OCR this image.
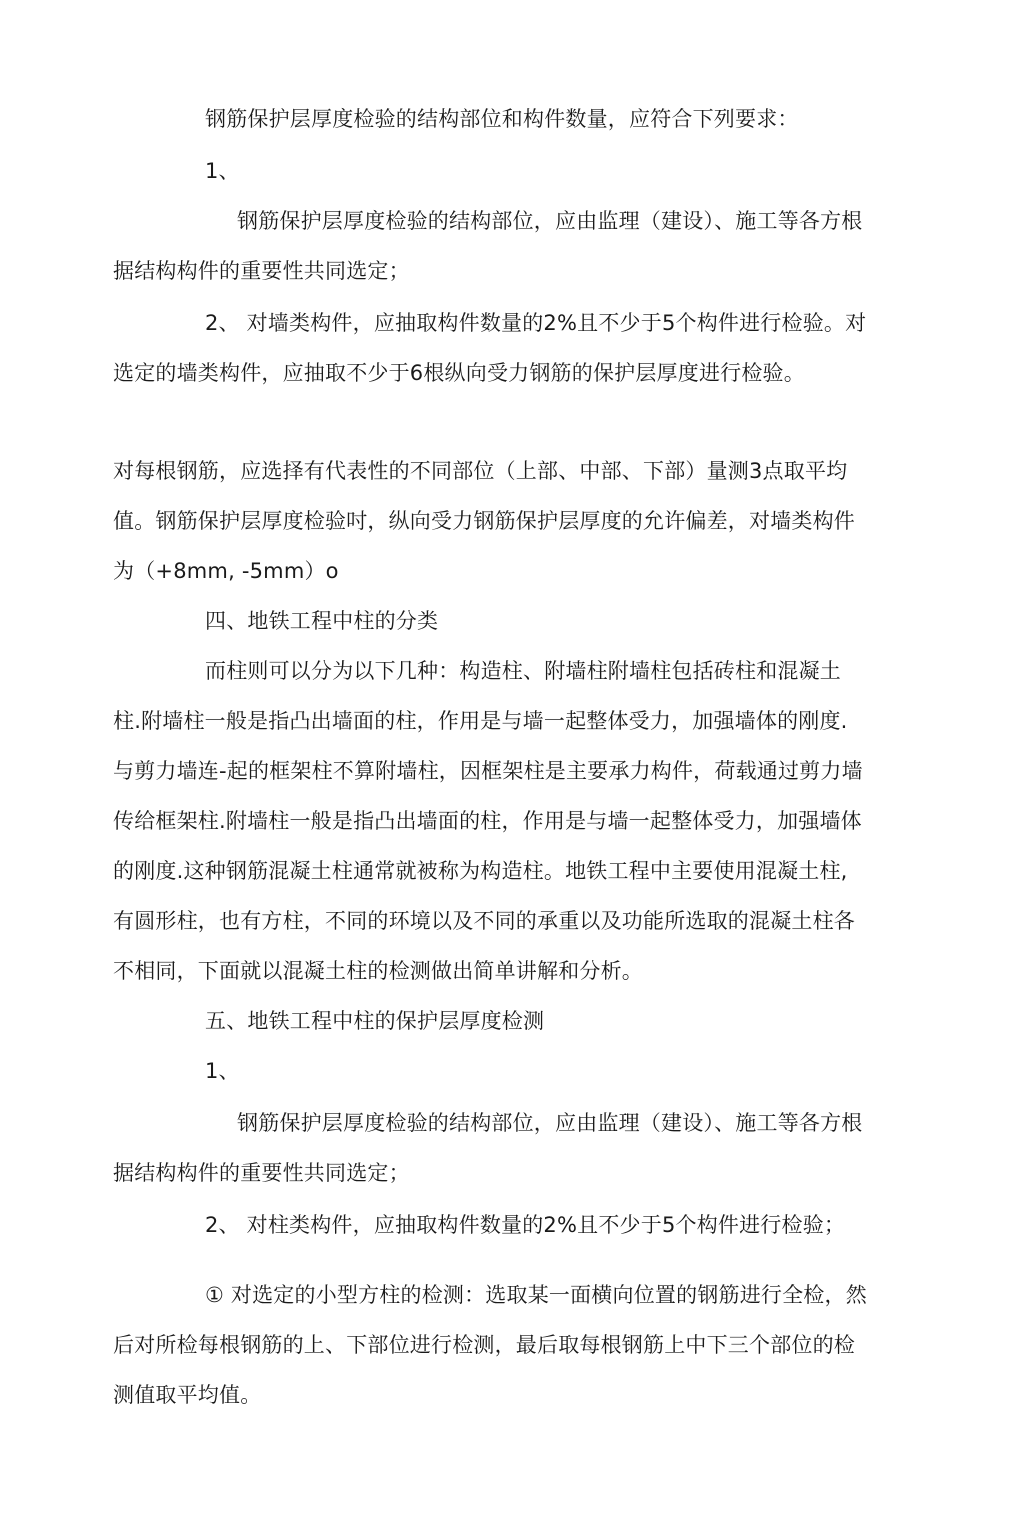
钢筋保护层厚度检验的结构部位和构件数量，应符合下列要求：
1、
钢筋保护层厚度检验的结构部位，应由监理（建设）、施工等各方根
据结构构件的重要性共同选定；
2、 对墙类构件，应抽取构件数量的2%且不少于5个构件进行检验。对
选定的墙类构件，应抽取不少于6根纵向受力钢筋的保护层厚度进行检验。
对每根钢筋，应选择有代表性的不同部位（上部、中部、下部）量测3点取平均
值。钢筋保护层厚度检验吋，纵向受力钢筋保护层厚度的允许偏差，对墙类构件
为（+8mm, -5mm）o
四、地铁工程中柱的分类
而柱则可以分为以下几种：构造柱、附墙柱附墙柱包括砖柱和混凝土
柱.附墙柱一般是指凸出墙面的柱，作用是与墙一起整体受力，加强墙体的刚度.
与剪力墙连-起的框架柱不算附墙柱，因框架柱是主要承力构件，荷载通过剪力墙
传给框架柱.附墙柱一般是指凸出墙面的柱，作用是与墙一起整体受力，加强墙体
的刚度.这种钢筋混凝土柱通常就被称为构造柱。地铁工程中主要使用混凝土柱,
有圆形柱，也有方柱，不同的环境以及不同的承重以及功能所选取的混凝土柱各
不相同，下面就以混凝土柱的检测做出简单讲解和分析。
五、地铁工程中柱的保护层厚度检测
1、
钢筋保护层厚度检验的结构部位，应由监理（建设）、施工等各方根
据结构构件的重要性共同选定；
2、 对柱类构件，应抽取构件数量的2%且不少于5个构件进行检验；
① 对选定的小型方柱的检测：选取某一面横向位置的钢筋进行全检，然
后对所检每根钢筋的上、下部位进行检测，最后取每根钢筋上中下三个部位的检
测值取平均值。
